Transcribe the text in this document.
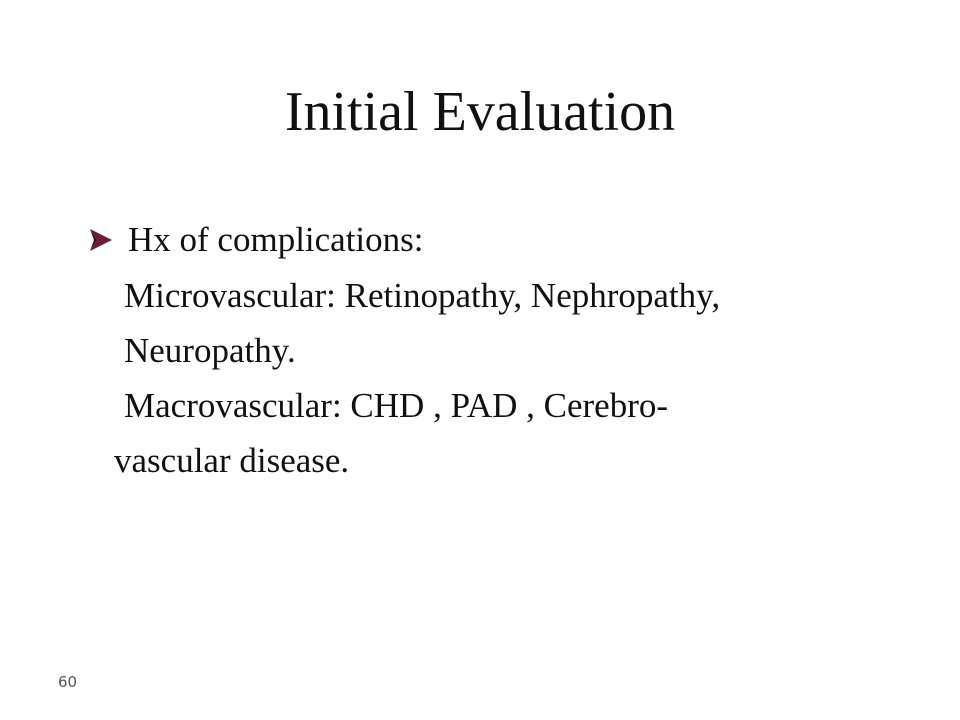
Initial Evaluation

Hx of complications:

Microvascular: Retinopathy, Nephropathy,

Neuropathy.

Macrovascular: CHD , PAD , Cerebro-

vascular disease.

60
